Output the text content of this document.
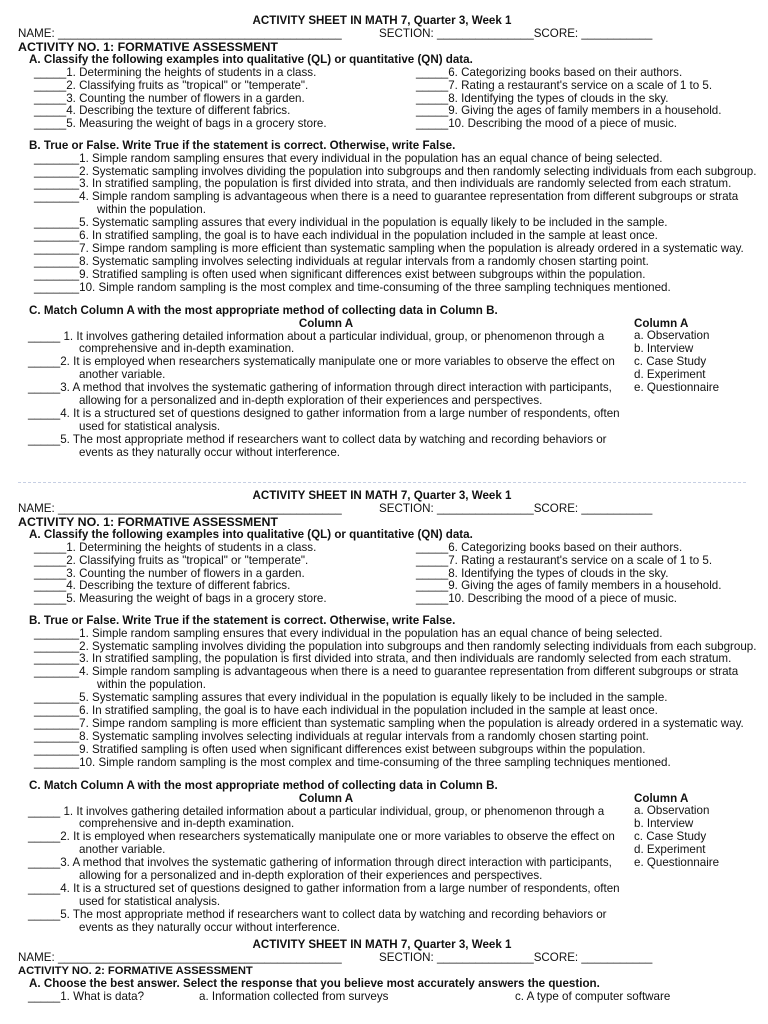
ACTIVITY SHEET IN MATH 7, Quarter 3, Week 1
NAME: ____________________________________________	SECTION: _______________SCORE: ___________
ACTIVITY NO. 1: FORMATIVE ASSESSMENT
A. Classify the following examples into qualitative (QL) or quantitative (QN) data.
_____1. Determining the heights of students in a class.
_____2. Classifying fruits as "tropical" or "temperate".
_____3. Counting the number of flowers in a garden.
_____4. Describing the texture of different fabrics.
_____5. Measuring the weight of bags in a grocery store.
_____6. Categorizing books based on their authors.
_____7. Rating a restaurant's service on a scale of 1 to 5.
_____8. Identifying the types of clouds in the sky.
_____9. Giving the ages of family members in a household.
_____10. Describing the mood of a piece of music.
B. True or False. Write True if the statement is correct. Otherwise, write False.
_______1. Simple random sampling ensures that every individual in the population has an equal chance of being selected.
_______2. Systematic sampling involves dividing the population into subgroups and then randomly selecting individuals from each subgroup.
_______3. In stratified sampling, the population is first divided into strata, and then individuals are randomly selected from each stratum.
_______4. Simple random sampling is advantageous when there is a need to guarantee representation from different subgroups or strata
within the population.
_______5. Systematic sampling assures that every individual in the population is equally likely to be included in the sample.
_______6. In stratified sampling, the goal is to have each individual in the population included in the sample at least once.
_______7. Simpe random sampling is more efficient than systematic sampling when the population is already ordered in a systematic way.
_______8. Systematic sampling involves selecting individuals at regular intervals from a randomly chosen starting point.
_______9. Stratified sampling is often used when significant differences exist between subgroups within the population.
_______10. Simple random sampling is the most complex and time-consuming of the three sampling techniques mentioned.
C. Match Column A with the most appropriate method of collecting data in Column B.
Column A
_____ 1. It involves gathering detailed information about a particular individual, group, or phenomenon through a
comprehensive and in-depth examination.
_____2. It is employed when researchers systematically manipulate one or more variables to observe the effect on
another variable.
_____3. A method that involves the systematic gathering of information through direct interaction with participants,
allowing for a personalized and in-depth exploration of their experiences and perspectives.
_____4. It is a structured set of questions designed to gather information from a large number of respondents, often
used for statistical analysis.
_____5. The most appropriate method if researchers want to collect data by watching and recording behaviors or
events as they naturally occur without interference.
Column A
a. Observation
b. Interview
c. Case Study
d. Experiment
e. Questionnaire
ACTIVITY SHEET IN MATH 7, Quarter 3, Week 1
NAME: ____________________________________________	SECTION: _______________SCORE: ___________
ACTIVITY NO. 1: FORMATIVE ASSESSMENT
A. Classify the following examples into qualitative (QL) or quantitative (QN) data.
_____1. Determining the heights of students in a class.
_____2. Classifying fruits as "tropical" or "temperate".
_____3. Counting the number of flowers in a garden.
_____4. Describing the texture of different fabrics.
_____5. Measuring the weight of bags in a grocery store.
_____6. Categorizing books based on their authors.
_____7. Rating a restaurant's service on a scale of 1 to 5.
_____8. Identifying the types of clouds in the sky.
_____9. Giving the ages of family members in a household.
_____10. Describing the mood of a piece of music.
B. True or False. Write True if the statement is correct. Otherwise, write False.
_______1. Simple random sampling ensures that every individual in the population has an equal chance of being selected.
_______2. Systematic sampling involves dividing the population into subgroups and then randomly selecting individuals from each subgroup.
_______3. In stratified sampling, the population is first divided into strata, and then individuals are randomly selected from each stratum.
_______4. Simple random sampling is advantageous when there is a need to guarantee representation from different subgroups or strata
within the population.
_______5. Systematic sampling assures that every individual in the population is equally likely to be included in the sample.
_______6. In stratified sampling, the goal is to have each individual in the population included in the sample at least once.
_______7. Simpe random sampling is more efficient than systematic sampling when the population is already ordered in a systematic way.
_______8. Systematic sampling involves selecting individuals at regular intervals from a randomly chosen starting point.
_______9. Stratified sampling is often used when significant differences exist between subgroups within the population.
_______10. Simple random sampling is the most complex and time-consuming of the three sampling techniques mentioned.
C. Match Column A with the most appropriate method of collecting data in Column B.
Column A
_____ 1. It involves gathering detailed information about a particular individual, group, or phenomenon through a
comprehensive and in-depth examination.
_____2. It is employed when researchers systematically manipulate one or more variables to observe the effect on
another variable.
_____3. A method that involves the systematic gathering of information through direct interaction with participants,
allowing for a personalized and in-depth exploration of their experiences and perspectives.
_____4. It is a structured set of questions designed to gather information from a large number of respondents, often
used for statistical analysis.
_____5. The most appropriate method if researchers want to collect data by watching and recording behaviors or
events as they naturally occur without interference.
Column A
a. Observation
b. Interview
c. Case Study
d. Experiment
e. Questionnaire
ACTIVITY SHEET IN MATH 7, Quarter 3, Week 1
NAME: ____________________________________________	SECTION: _______________SCORE: ___________
ACTIVITY NO. 2: FORMATIVE ASSESSMENT
A. Choose the best answer. Select the response that you believe most accurately answers the question.
_____1. What is data?	a. Information collected from surveys	c. A type of computer software
